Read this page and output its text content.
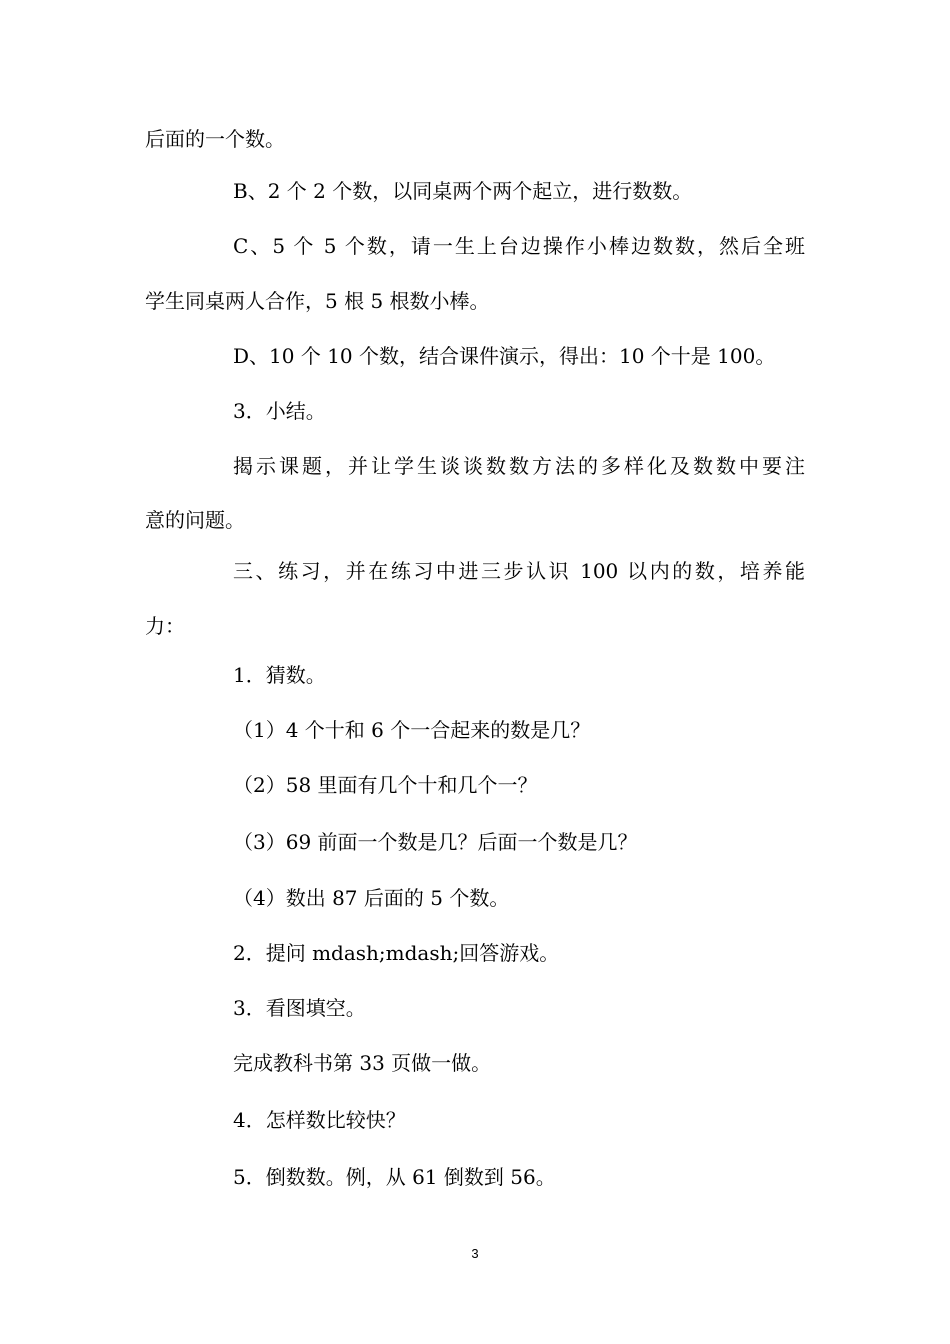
后面的一个数。
B、2 个 2 个数，以同桌两个两个起立，进行数数。
C、5 个 5 个数，请一生上台边操作小棒边数数，然后全班
学生同桌两人合作，5 根 5 根数小棒。
D、10 个 10 个数，结合课件演示，得出：10 个十是 100。
3．小结。
揭示课题，并让学生谈谈数数方法的多样化及数数中要注
意的问题。
三、练习，并在练习中进三步认识 100 以内的数，培养能
力：
1．猜数。
（1）4 个十和 6 个一合起来的数是几？
（2）58 里面有几个十和几个一？
（3）69 前面一个数是几？后面一个数是几？
（4）数出 87 后面的 5 个数。
2．提问 mdash;mdash;回答游戏。
3．看图填空。
完成教科书第 33 页做一做。
4．怎样数比较快？
5．倒数数。例，从 61 倒数到 56。
3
